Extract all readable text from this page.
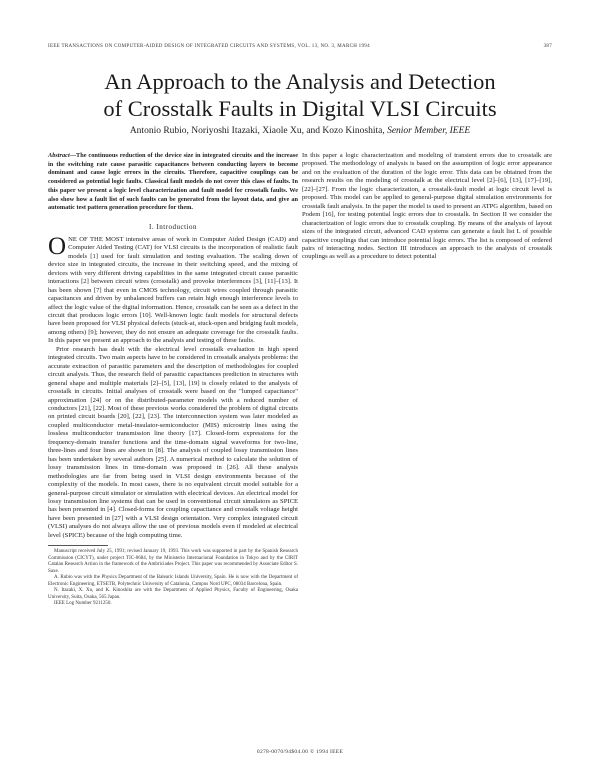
IEEE TRANSACTIONS ON COMPUTER-AIDED DESIGN OF INTEGRATED CIRCUITS AND SYSTEMS, VOL. 13, NO. 3, MARCH 1994	387
An Approach to the Analysis and Detection
of Crosstalk Faults in Digital VLSI Circuits
Antonio Rubio, Noriyoshi Itazaki, Xiaole Xu, and Kozo Kinoshita, Senior Member, IEEE

Abstract—The continuous reduction of the device size in integrated circuits and the increase in the switching rate cause parasitic capacitances between conducting layers to become dominant and cause logic errors in the circuits. Therefore, capacitive couplings can be considered as potential logic faults. Classical fault models do not cover this class of faults. In this paper we present a logic level characterization and fault model for crosstalk faults. We also show how a fault list of such faults can be generated from the layout data, and give an automatic test pattern generation procedure for them.

I. Introduction

ONE OF THE MOST intensive areas of work in Computer Aided Design (CAD) and Computer Aided Testing (CAT) for VLSI circuits is the incorporation of realistic fault models [1] used for fault simulation and testing evaluation. The scaling down of device size in integrated circuits, the increase in their switching speed, and the mixing of devices with very different driving capabilities in the same integrated circuit cause parasitic interactions [2] between circuit wires (crosstalk) and provoke interferences [3], [11]–[13]. It has been shown [7] that even in CMOS technology, circuit wires coupled through parasitic capacitances and driven by unbalanced buffers can retain high enough interference levels to affect the logic value of the digital information. Hence, crosstalk can be seen as a defect in the circuit that produces logic errors [10]. Well-known logic fault models for structural defects have been proposed for VLSI physical defects (stuck-at, stuck-open and bridging fault models, among others) [9]; however, they do not ensure an adequate coverage for the crosstalk faults. In this paper we present an approach to the analysis and testing of these faults.

Prior research has dealt with the electrical level crosstalk evaluation in high speed integrated circuits. Two main aspects have to be considered in crosstalk analysis problems: the accurate extraction of parasitic parameters and the description of methodologies for coupled circuit analysis. Thus, the research field of parasitic capacitances prediction in structures with general shape and multiple materials [2]–[5], [13], [19] is closely related to the analysis of crosstalk in circuits. Initial analyses of crosstalk were based on the "lumped capacitance" approximation [24] or on the distributed-parameter models with a reduced number of conductors [21], [22]. Most of these previous works considered the problem of digital circuits on printed circuit boards [20], [22], [23]. The interconnection system was later modeled as coupled multiconductor metal-insulator-semiconductor (MIS) microstrip lines using the lossless multiconductor transmission line theory [17]. Closed-form expressions for the frequency-domain transfer functions and the time-domain signal waveforms for two-line, three-lines and four lines are shown in [8]. The analysis of coupled lossy transmission lines has been undertaken by several authors [25]. A numerical method to calculate the solution of lossy transmission lines in time-domain was proposed in [26]. All these analysis methodologies are far from being used in VLSI design environments because of the complexity of the models. In most cases, there is no equivalent circuit model suitable for a general-purpose circuit simulator or simulation with electrical devices. An electrical model for lossy transmission line systems that can be used in conventional circuit simulators as SPICE has been presented in [4]. Closed-forms for coupling capacitance and crosstalk voltage height have been presented in [27] with a VLSI design orientation. Very complex integrated circuit (VLSI) analyses do not always allow the use of previous models even if modeled at electrical level (SPICE) because of the high computing time.

Manuscript received July 25, 1991; revised January 19, 1993. This work was supported in part by the Spanish Research Commission (CICYT), under project TIC-0684, by the Ministerio Internacional Foundation in Tokyo and by the CIRIT Catalan Research Action in the framework of the Ambriciades Project. This paper was recommended by Associate Editor S. Saxe.

A. Rubio was with the Physics Department of the Balearic Islands University, Spain. He is now with the Department of Electronic Engineering, ETSETB, Polytechnic University of Catalonia, Campus Nord UPC, 08034 Barcelona, Spain.

N. Itazaki, X. Xu, and K. Kinoshita are with the Department of Applied Physics, Faculty of Engineering, Osaka University, Suita, Osaka, 565 Japan.

IEEE Log Number 9211250.

In this paper a logic characterization and modeling of transient errors due to crosstalk are proposed. The methodology of analysis is based on the assumption of logic error appearance and on the evaluation of the duration of the logic error. This data can be obtained from the research results on the modeling of crosstalk at the electrical level [2]–[6], [13], [17]–[19], [22]–[27]. From the logic characterization, a crosstalk-fault model at logic circuit level is proposed. This model can be applied to general-purpose digital simulation environments for crosstalk fault analysis. In the paper the model is used to present an ATPG algorithm, based on Podem [16], for testing potential logic errors due to crosstalk. In Section II we consider the characterization of logic errors due to crosstalk coupling. By means of the analysis of layout sizes of the integrated circuit, advanced CAD systems can generate a fault list L of possible capacitive couplings that can introduce potential logic errors. The list is composed of ordered pairs of interacting nodes. Section III introduces an approach to the analysis of crosstalk couplings as well as a procedure to detect potential

0278-0070/94$04.00 © 1994 IEEE
